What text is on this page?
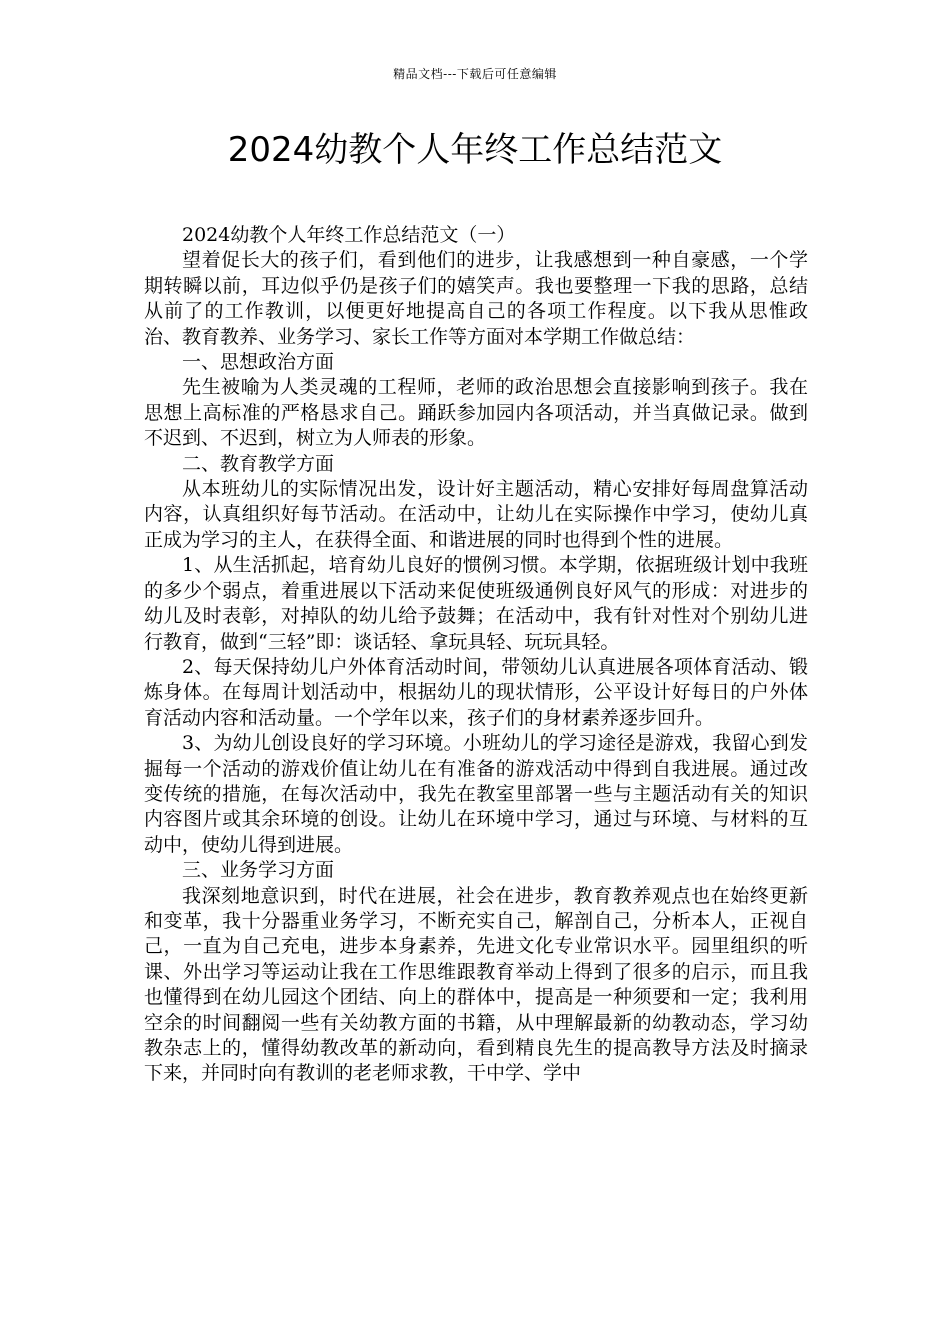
精品文档---下载后可任意编辑
2024幼教个人年终工作总结范文

2024幼教个人年终工作总结范文（一）

望着促长大的孩子们，看到他们的进步，让我感想到一种自豪感，一个学期转瞬以前，耳边似乎仍是孩子们的嬉笑声。我也要整理一下我的思路，总结从前了的工作教训，以便更好地提高自己的各项工作程度。以下我从思惟政治、教育教养、业务学习、家长工作等方面对本学期工作做总结：

一、思想政治方面

先生被喻为人类灵魂的工程师，老师的政治思想会直接影响到孩子。我在思想上高标准的严格恳求自己。踊跃参加园内各项活动，并当真做记录。做到不迟到、不迟到，树立为人师表的形象。

二、教育教学方面

从本班幼儿的实际情况出发，设计好主题活动，精心安排好每周盘算活动内容，认真组织好每节活动。在活动中，让幼儿在实际操作中学习，使幼儿真正成为学习的主人，在获得全面、和谐进展的同时也得到个性的进展。

1、从生活抓起，培育幼儿良好的惯例习惯。本学期，依据班级计划中我班的多少个弱点，着重进展以下活动来促使班级通例良好风气的形成：对进步的幼儿及时表彰，对掉队的幼儿给予鼓舞；在活动中，我有针对性对个别幼儿进行教育，做到“三轻”即：谈话轻、拿玩具轻、玩玩具轻。

2、每天保持幼儿户外体育活动时间，带领幼儿认真进展各项体育活动、锻炼身体。在每周计划活动中，根据幼儿的现状情形，公平设计好每日的户外体育活动内容和活动量。一个学年以来，孩子们的身材素养逐步回升。

3、为幼儿创设良好的学习环境。小班幼儿的学习途径是游戏，我留心到发掘每一个活动的游戏价值让幼儿在有准备的游戏活动中得到自我进展。通过改变传统的措施，在每次活动中，我先在教室里部署一些与主题活动有关的知识内容图片或其余环境的创设。让幼儿在环境中学习，通过与环境、与材料的互动中，使幼儿得到进展。

三、业务学习方面

我深刻地意识到，时代在进展，社会在进步，教育教养观点也在始终更新和变革，我十分器重业务学习，不断充实自己，解剖自己，分析本人，正视自己，一直为自己充电，进步本身素养，先进文化专业常识水平。园里组织的听课、外出学习等运动让我在工作思维跟教育举动上得到了很多的启示，而且我也懂得到在幼儿园这个团结、向上的群体中，提高是一种须要和一定；我利用空余的时间翻阅一些有关幼教方面的书籍，从中理解最新的幼教动态，学习幼教杂志上的，懂得幼教改革的新动向，看到精良先生的提高教导方法及时摘录下来，并同时向有教训的老老师求教，干中学、学中
